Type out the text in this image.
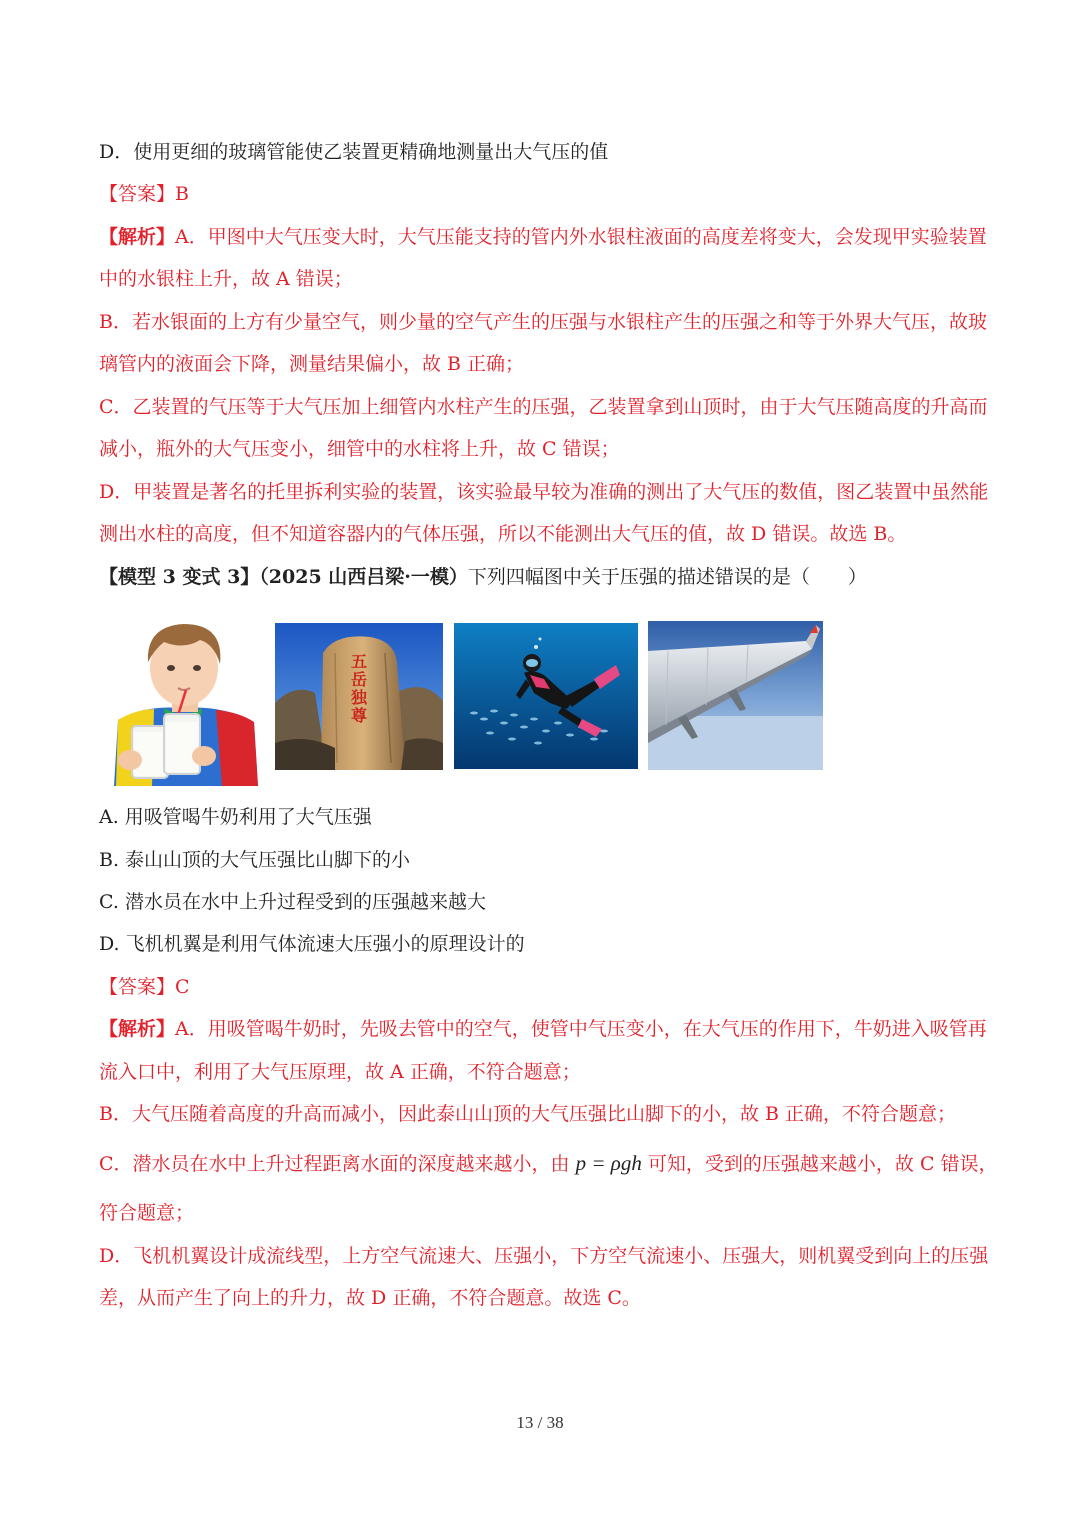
D．使用更细的玻璃管能使乙装置更精确地测量出大气压的值
【答案】B
【解析】A．甲图中大气压变大时，大气压能支持的管内外水银柱液面的高度差将变大，会发现甲实验装置
中的水银柱上升，故 A 错误；
B．若水银面的上方有少量空气，则少量的空气产生的压强与水银柱产生的压强之和等于外界大气压，故玻
璃管内的液面会下降，测量结果偏小，故 B 正确；
C．乙装置的气压等于大气压加上细管内水柱产生的压强，乙装置拿到山顶时，由于大气压随高度的升高而
减小，瓶外的大气压变小，细管中的水柱将上升，故 C 错误；
D．甲装置是著名的托里拆利实验的装置，该实验最早较为准确的测出了大气压的数值，图乙装置中虽然能
测出水柱的高度，但不知道容器内的气体压强，所以不能测出大气压的值，故 D 错误。故选 B。
【模型 3 变式 3】（2025 山西吕梁·一模）下列四幅图中关于压强的描述错误的是（　　）
五
岳
独
尊
A. 用吸管喝牛奶利用了大气压强
B. 泰山山顶的大气压强比山脚下的小
C. 潜水员在水中上升过程受到的压强越来越大
D. 飞机机翼是利用气体流速大压强小的原理设计的
【答案】C
【解析】A．用吸管喝牛奶时，先吸去管中的空气，使管中气压变小，在大气压的作用下，牛奶进入吸管再
流入口中，利用了大气压原理，故 A 正确，不符合题意；
B．大气压随着高度的升高而减小，因此泰山山顶的大气压强比山脚下的小，故 B 正确，不符合题意；
C．潜水员在水中上升过程距离水面的深度越来越小，由 p = ρgh 可知，受到的压强越来越小，故 C 错误，
符合题意；
D．飞机机翼设计成流线型，上方空气流速大、压强小，下方空气流速小、压强大，则机翼受到向上的压强
差，从而产生了向上的升力，故 D 正确，不符合题意。故选 C。
13 / 38
